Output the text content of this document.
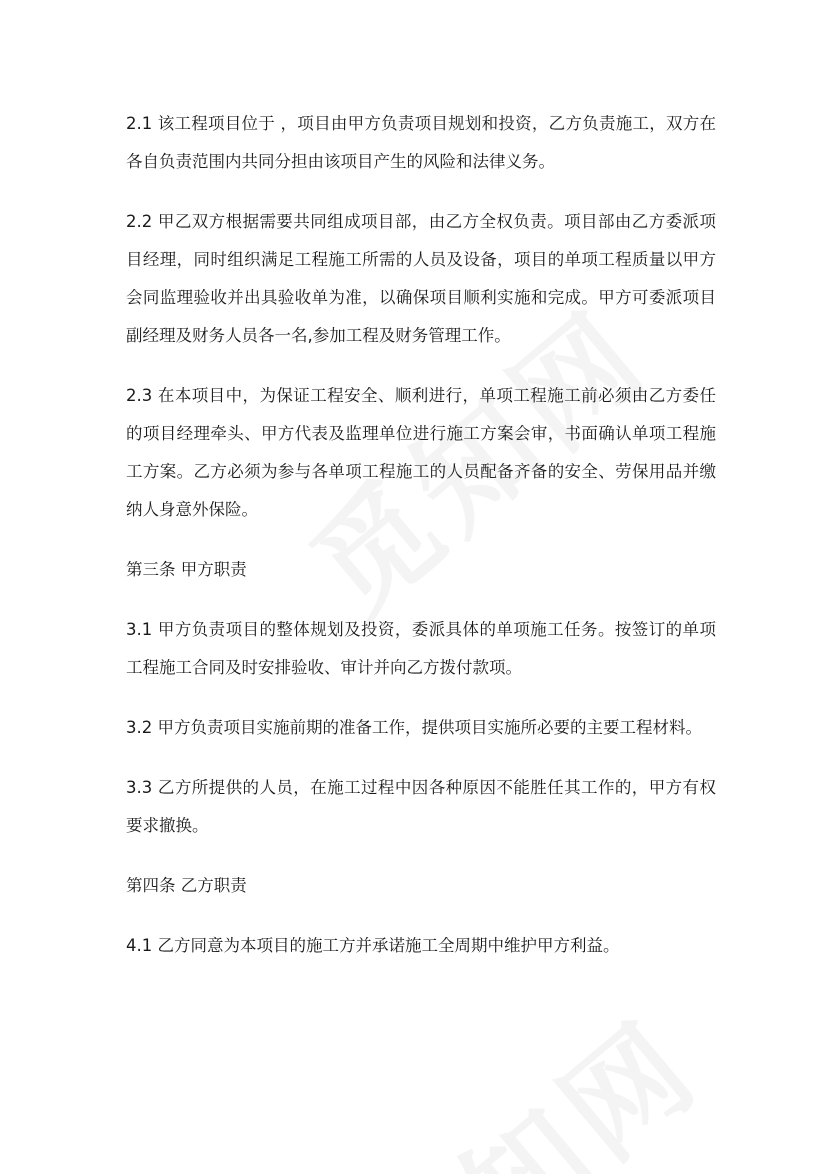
2.1 该工程项目位于 ，项目由甲方负责项目规划和投资，乙方负责施工，双方在各自负责范围内共同分担由该项目产生的风险和法律义务。

2.2 甲乙双方根据需要共同组成项目部，由乙方全权负责。项目部由乙方委派项目经理，同时组织满足工程施工所需的人员及设备，项目的单项工程质量以甲方会同监理验收并出具验收单为准，以确保项目顺利实施和完成。甲方可委派项目副经理及财务人员各一名,参加工程及财务管理工作。

2.3 在本项目中，为保证工程安全、顺利进行，单项工程施工前必须由乙方委任的项目经理牵头、甲方代表及监理单位进行施工方案会审，书面确认单项工程施工方案。乙方必须为参与各单项工程施工的人员配备齐备的安全、劳保用品并缴纳人身意外保险。

第三条 甲方职责

3.1 甲方负责项目的整体规划及投资，委派具体的单项施工任务。按签订的单项工程施工合同及时安排验收、审计并向乙方拨付款项。

3.2 甲方负责项目实施前期的准备工作，提供项目实施所必要的主要工程材料。

3.3 乙方所提供的人员，在施工过程中因各种原因不能胜任其工作的，甲方有权要求撤换。

第四条 乙方职责

4.1 乙方同意为本项目的施工方并承诺施工全周期中维护甲方利益。
